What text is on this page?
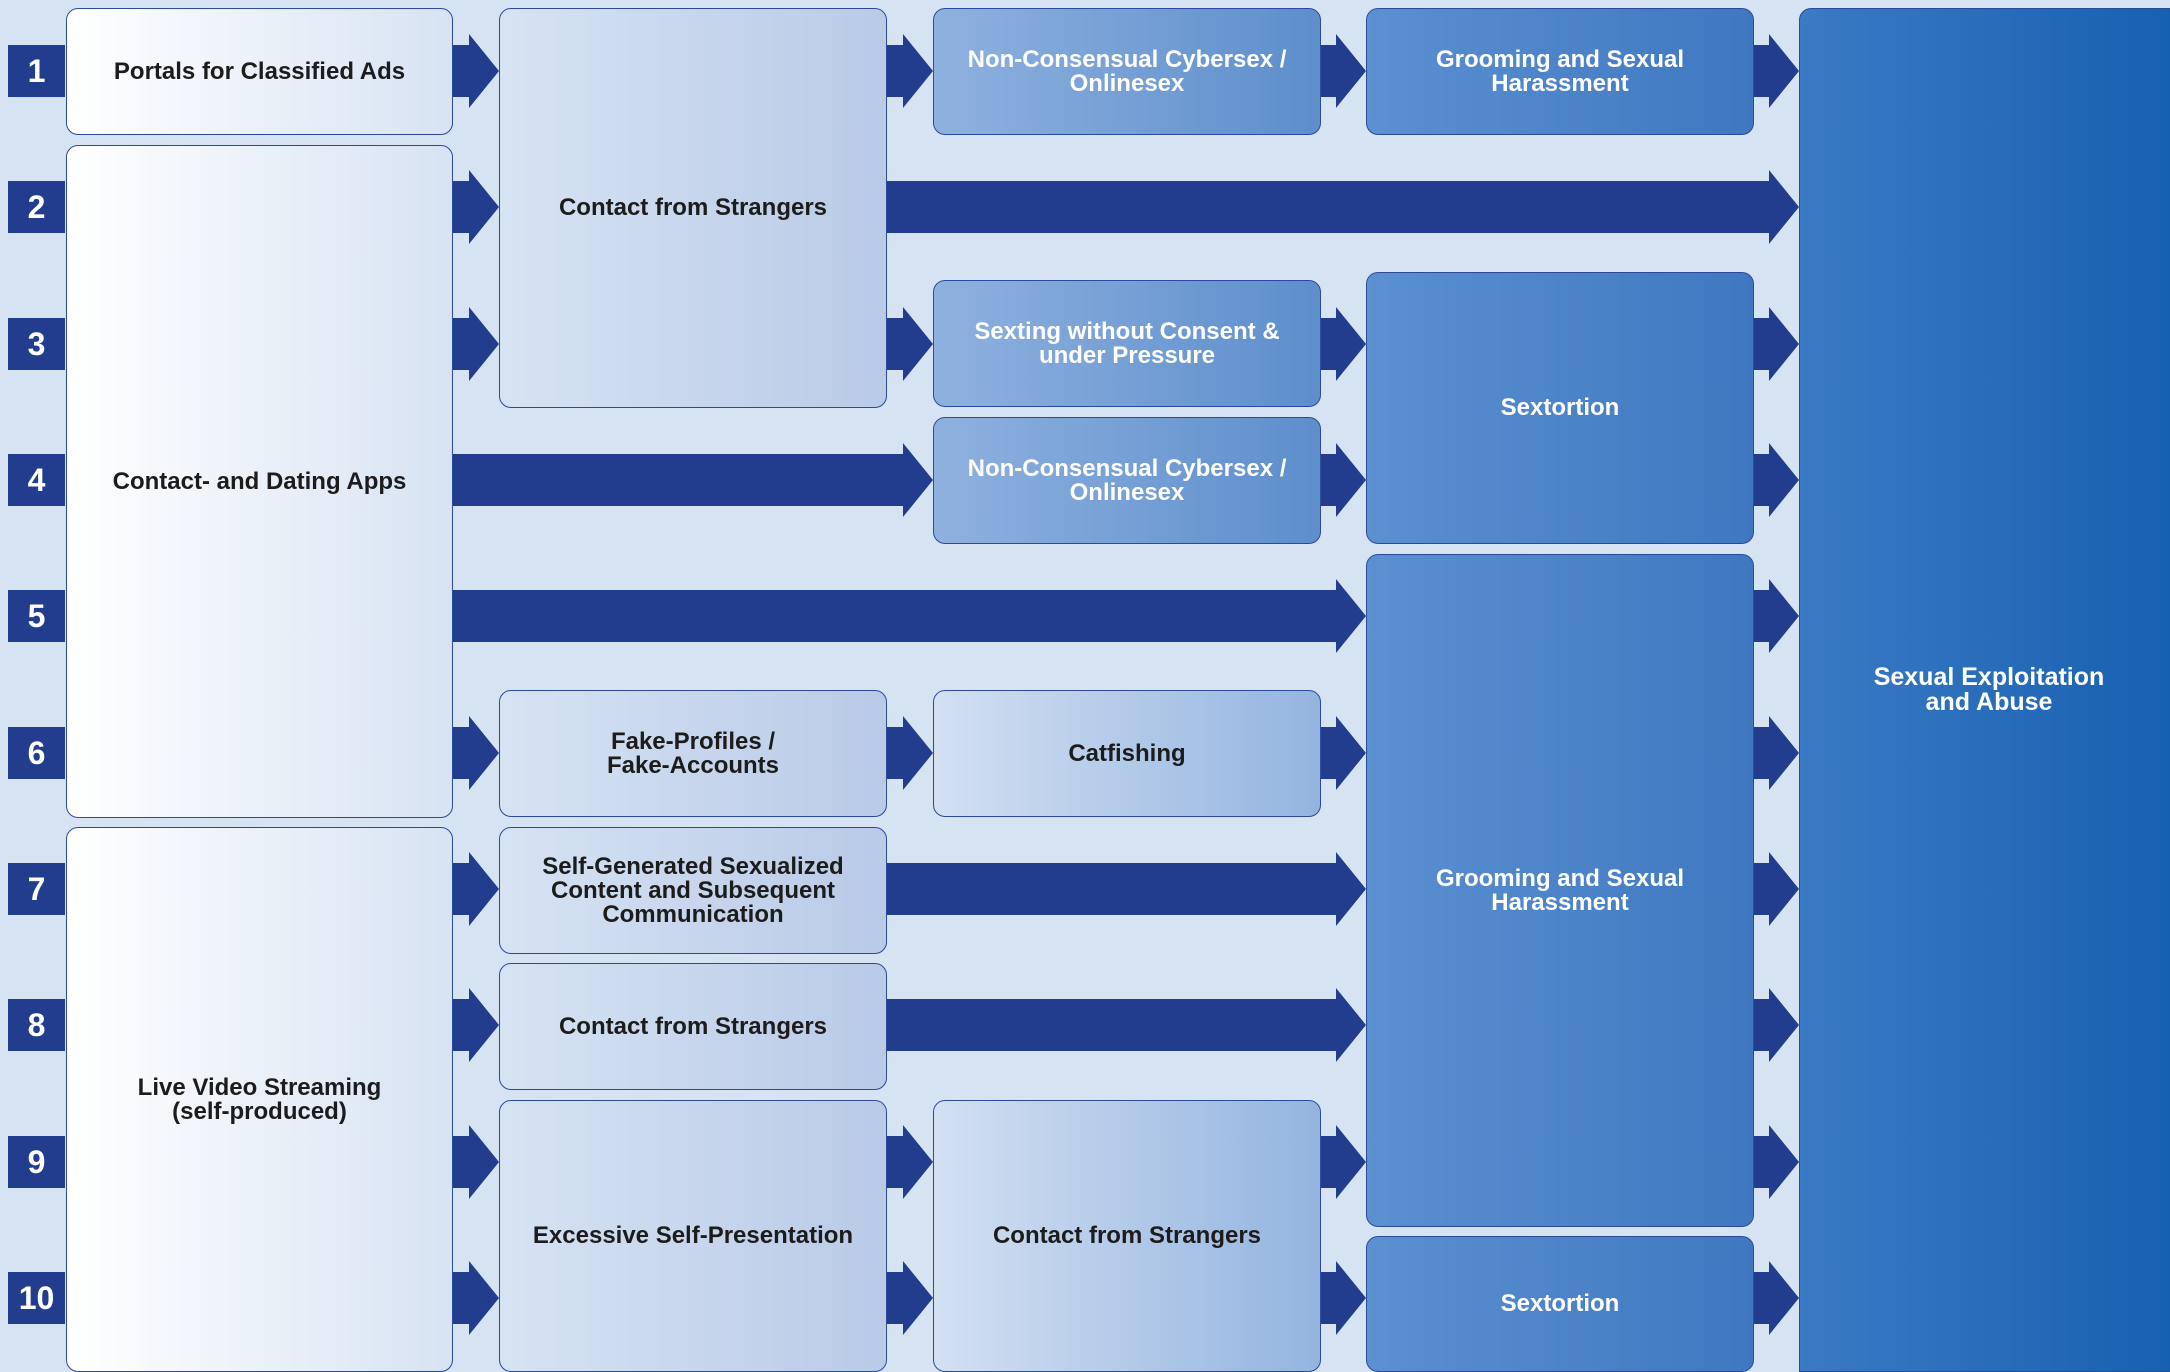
1
2
3
4
5
6
7
8
9
10
Portals for Classified Ads
Contact- and Dating Apps
Live Video Streaming
(self-produced)
Contact from Strangers
Fake-Profiles /
Fake-Accounts
Self-Generated Sexualized
Content and Subsequent
Communication
Contact from Strangers
Excessive Self-Presentation
Non-Consensual Cybersex /
Onlinesex
Sexting without Consent &
under Pressure
Non-Consensual Cybersex /
Onlinesex
Catfishing
Contact from Strangers
Grooming and Sexual
Harassment
Sextortion
Grooming and Sexual
Harassment
Sextortion
Sexual Exploitation
and Abuse
